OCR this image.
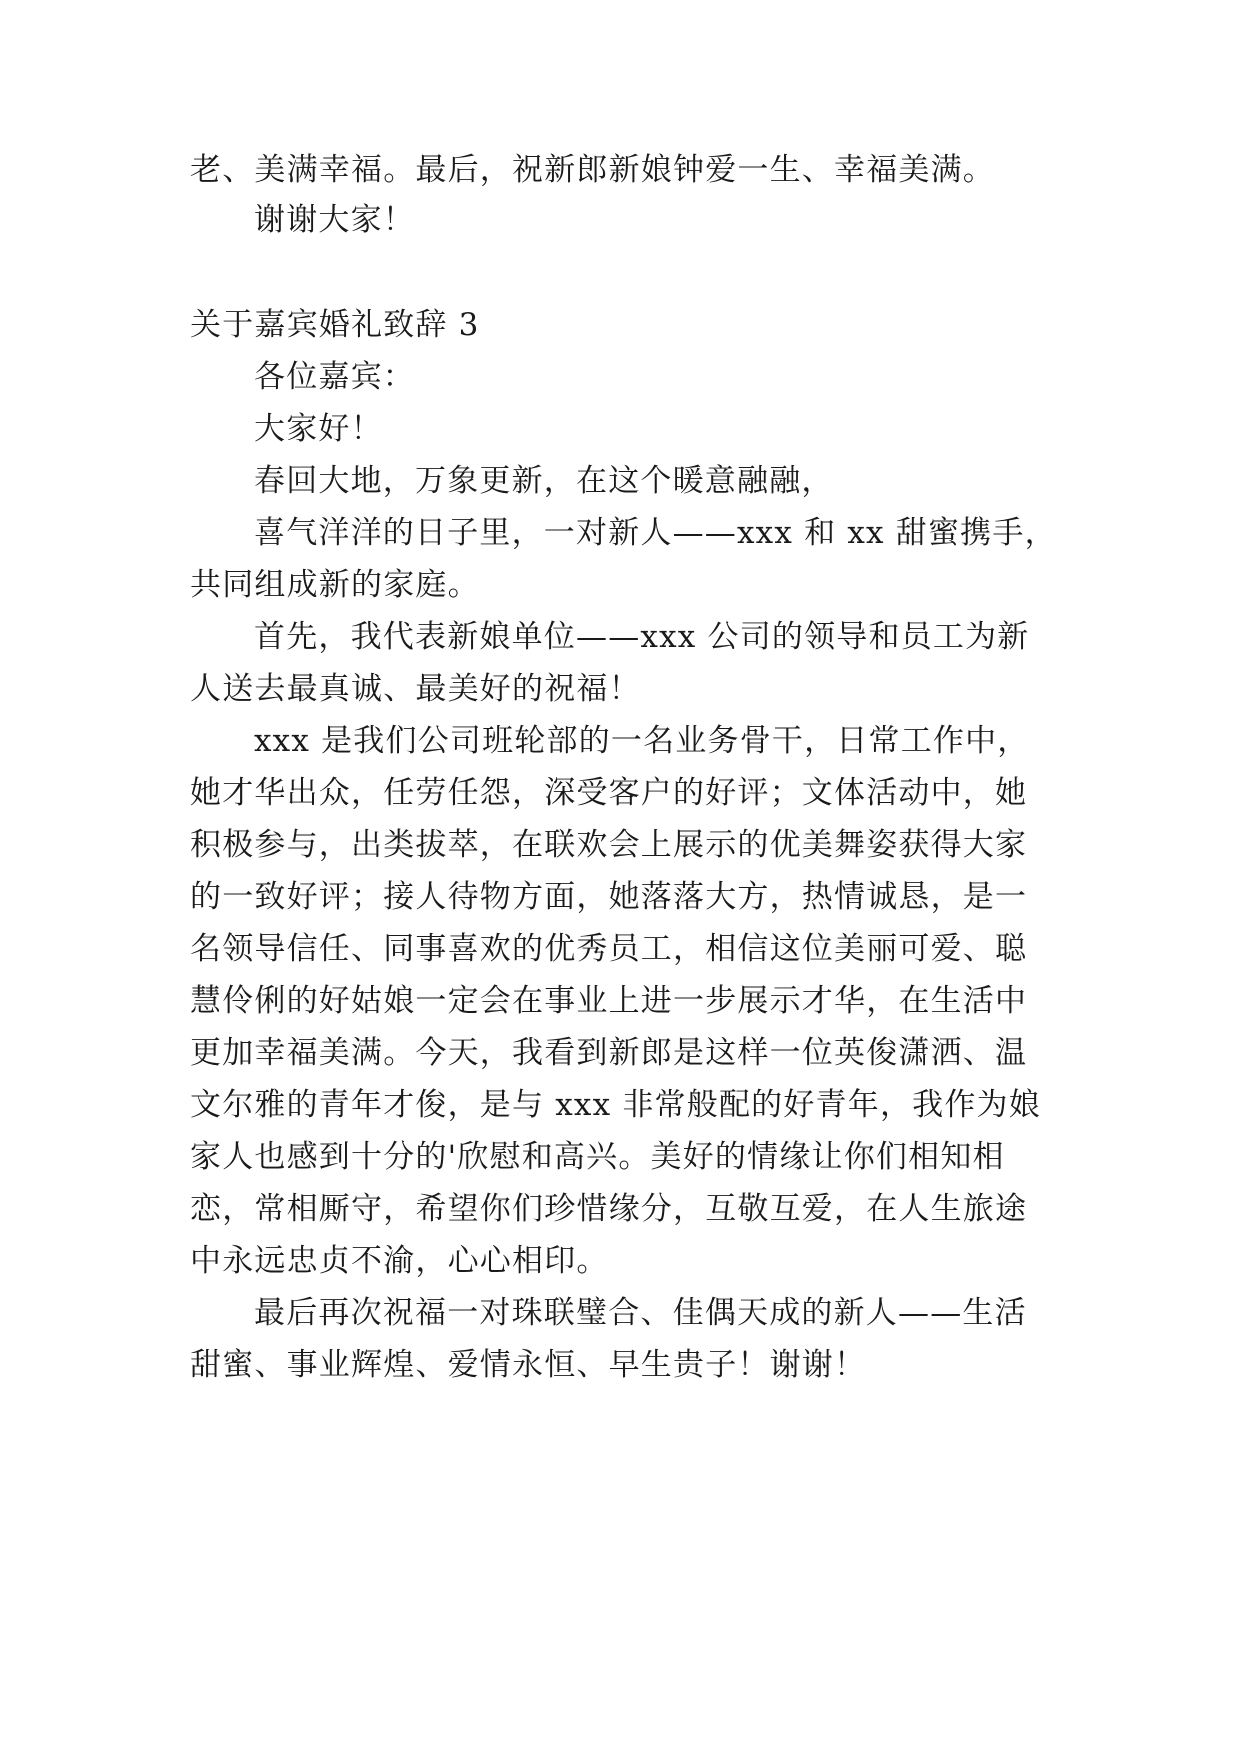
老、美满幸福。最后，祝新郎新娘钟爱一生、幸福美满。
谢谢大家！
关于嘉宾婚礼致辞 3
各位嘉宾：
大家好！
春回大地，万象更新，在这个暖意融融，
喜气洋洋的日子里，一对新人——xxx 和 xx 甜蜜携手，
共同组成新的家庭。
首先，我代表新娘单位——xxx 公司的领导和员工为新
人送去最真诚、最美好的祝福！
xxx 是我们公司班轮部的一名业务骨干，日常工作中，
她才华出众，任劳任怨，深受客户的好评；文体活动中，她
积极参与，出类拔萃，在联欢会上展示的优美舞姿获得大家
的一致好评；接人待物方面，她落落大方，热情诚恳，是一
名领导信任、同事喜欢的优秀员工，相信这位美丽可爱、聪
慧伶俐的好姑娘一定会在事业上进一步展示才华，在生活中
更加幸福美满。今天，我看到新郎是这样一位英俊潇洒、温
文尔雅的青年才俊，是与 xxx 非常般配的好青年，我作为娘
家人也感到十分的'欣慰和高兴。美好的情缘让你们相知相
恋，常相厮守，希望你们珍惜缘分，互敬互爱，在人生旅途
中永远忠贞不渝，心心相印。
最后再次祝福一对珠联璧合、佳偶天成的新人——生活
甜蜜、事业辉煌、爱情永恒、早生贵子！谢谢！
